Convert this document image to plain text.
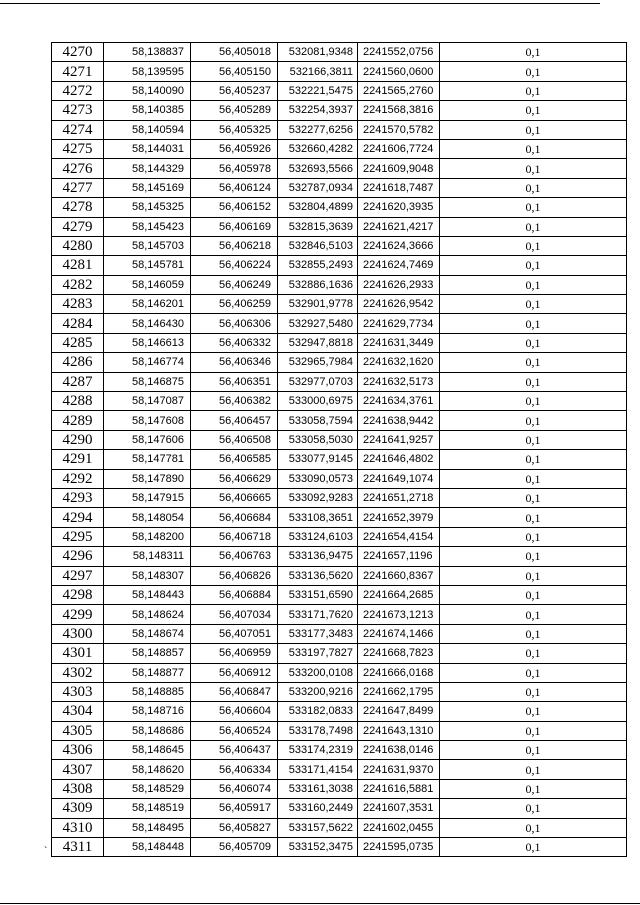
4270	58,138837	56,405018	532081,9348	2241552,0756	0,1
4271	58,139595	56,405150	532166,3811	2241560,0600	0,1
4272	58,140090	56,405237	532221,5475	2241565,2760	0,1
4273	58,140385	56,405289	532254,3937	2241568,3816	0,1
4274	58,140594	56,405325	532277,6256	2241570,5782	0,1
4275	58,144031	56,405926	532660,4282	2241606,7724	0,1
4276	58,144329	56,405978	532693,5566	2241609,9048	0,1
4277	58,145169	56,406124	532787,0934	2241618,7487	0,1
4278	58,145325	56,406152	532804,4899	2241620,3935	0,1
4279	58,145423	56,406169	532815,3639	2241621,4217	0,1
4280	58,145703	56,406218	532846,5103	2241624,3666	0,1
4281	58,145781	56,406224	532855,2493	2241624,7469	0,1
4282	58,146059	56,406249	532886,1636	2241626,2933	0,1
4283	58,146201	56,406259	532901,9778	2241626,9542	0,1
4284	58,146430	56,406306	532927,5480	2241629,7734	0,1
4285	58,146613	56,406332	532947,8818	2241631,3449	0,1
4286	58,146774	56,406346	532965,7984	2241632,1620	0,1
4287	58,146875	56,406351	532977,0703	2241632,5173	0,1
4288	58,147087	56,406382	533000,6975	2241634,3761	0,1
4289	58,147608	56,406457	533058,7594	2241638,9442	0,1
4290	58,147606	56,406508	533058,5030	2241641,9257	0,1
4291	58,147781	56,406585	533077,9145	2241646,4802	0,1
4292	58,147890	56,406629	533090,0573	2241649,1074	0,1
4293	58,147915	56,406665	533092,9283	2241651,2718	0,1
4294	58,148054	56,406684	533108,3651	2241652,3979	0,1
4295	58,148200	56,406718	533124,6103	2241654,4154	0,1
4296	58,148311	56,406763	533136,9475	2241657,1196	0,1
4297	58,148307	56,406826	533136,5620	2241660,8367	0,1
4298	58,148443	56,406884	533151,6590	2241664,2685	0,1
4299	58,148624	56,407034	533171,7620	2241673,1213	0,1
4300	58,148674	56,407051	533177,3483	2241674,1466	0,1
4301	58,148857	56,406959	533197,7827	2241668,7823	0,1
4302	58,148877	56,406912	533200,0108	2241666,0168	0,1
4303	58,148885	56,406847	533200,9216	2241662,1795	0,1
4304	58,148716	56,406604	533182,0833	2241647,8499	0,1
4305	58,148686	56,406524	533178,7498	2241643,1310	0,1
4306	58,148645	56,406437	533174,2319	2241638,0146	0,1
4307	58,148620	56,406334	533171,4154	2241631,9370	0,1
4308	58,148529	56,406074	533161,3038	2241616,5881	0,1
4309	58,148519	56,405917	533160,2449	2241607,3531	0,1
4310	58,148495	56,405827	533157,5622	2241602,0455	0,1
4311	58,148448	56,405709	533152,3475	2241595,0735	0,1
`
